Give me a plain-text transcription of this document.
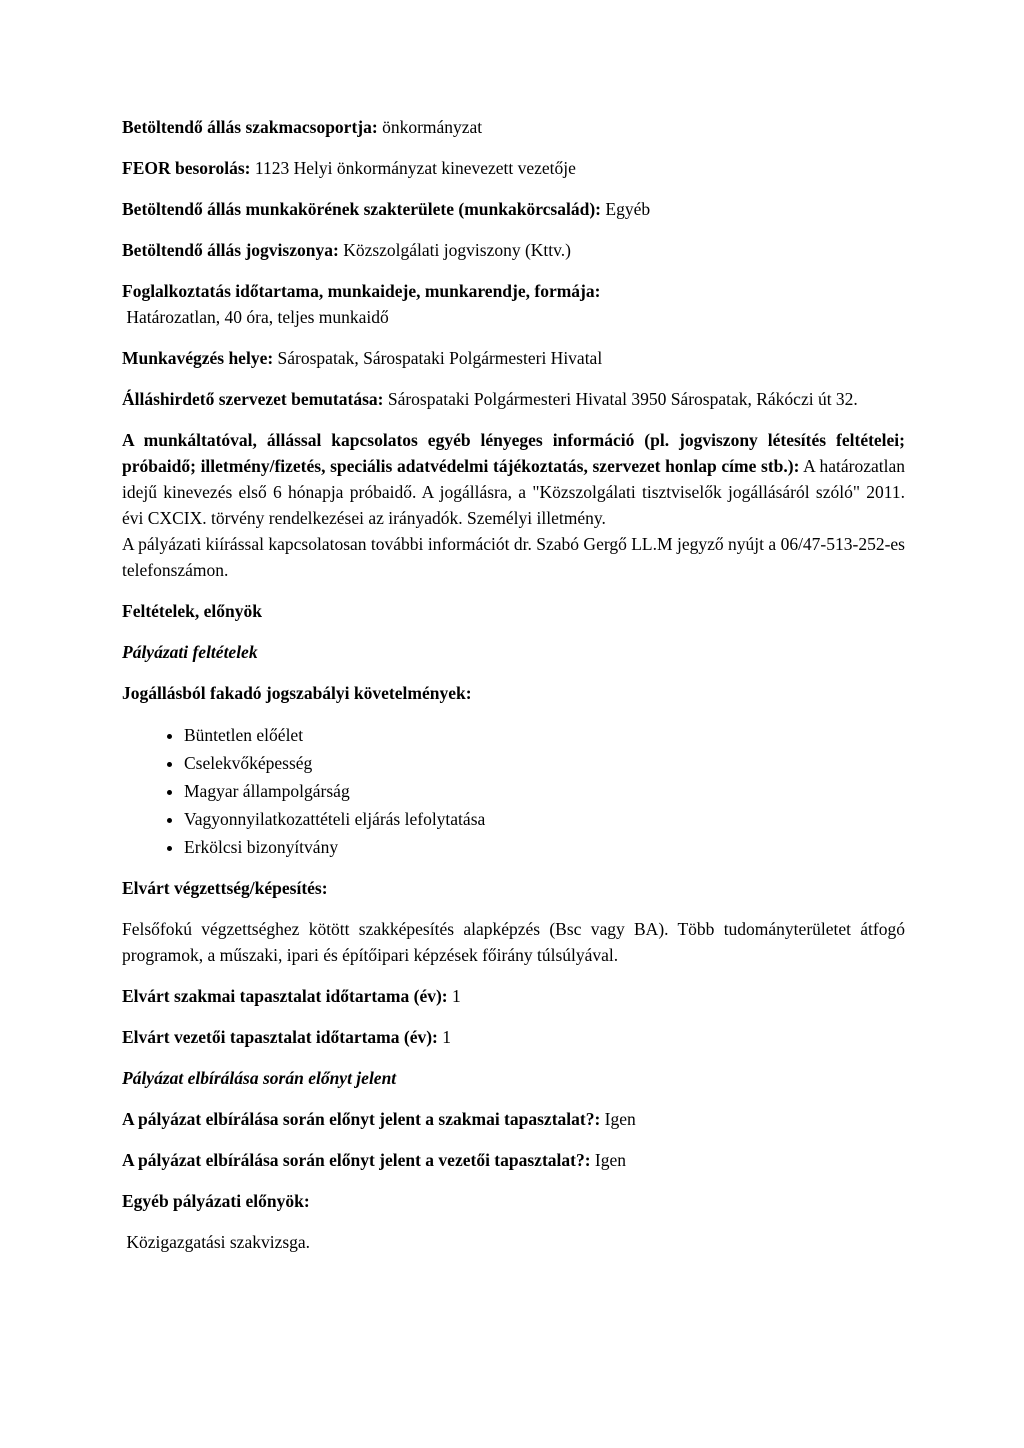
Betöltendő állás szakmacsoportja: önkormányzat

FEOR besorolás: 1123 Helyi önkormányzat kinevezett vezetője

Betöltendő állás munkakörének szakterülete (munkakörcsalád): Egyéb

Betöltendő állás jogviszonya: Közszolgálati jogviszony (Kttv.)

Foglalkoztatás időtartama, munkaideje, munkarendje, formája:
Határozatlan, 40 óra, teljes munkaidő

Munkavégzés helye: Sárospatak, Sárospataki Polgármesteri Hivatal

Álláshirdető szervezet bemutatása: Sárospataki Polgármesteri Hivatal 3950 Sárospatak, Rákóczi út 32.

A munkáltatóval, állással kapcsolatos egyéb lényeges információ (pl. jogviszony létesítés feltételei; próbaidő; illetmény/fizetés, speciális adatvédelmi tájékoztatás, szervezet honlap címe stb.): A határozatlan idejű kinevezés első 6 hónapja próbaidő. A jogállásra, a "Közszolgálati tisztviselők jogállásáról szóló" 2011. évi CXCIX. törvény rendelkezései az irányadók. Személyi illetmény.
A pályázati kiírással kapcsolatosan további információt dr. Szabó Gergő LL.M jegyző nyújt a 06/47-513-252-es telefonszámon.

Feltételek, előnyök

Pályázati feltételek

Jogállásból fakadó jogszabályi követelmények:

• Büntetlen előélet
• Cselekvőképesség
• Magyar állampolgárság
• Vagyonnyilatkozattételi eljárás lefolytatása
• Erkölcsi bizonyítvány

Elvárt végzettség/képesítés:

Felsőfokú végzettséghez kötött szakképesítés alapképzés (Bsc vagy BA). Több tudományterületet átfogó programok, a műszaki, ipari és építőipari képzések főirány túlsúlyával.

Elvárt szakmai tapasztalat időtartama (év): 1

Elvárt vezetői tapasztalat időtartama (év): 1

Pályázat elbírálása során előnyt jelent

A pályázat elbírálása során előnyt jelent a szakmai tapasztalat?: Igen

A pályázat elbírálása során előnyt jelent a vezetői tapasztalat?: Igen

Egyéb pályázati előnyök:

Közigazgatási szakvizsga.
